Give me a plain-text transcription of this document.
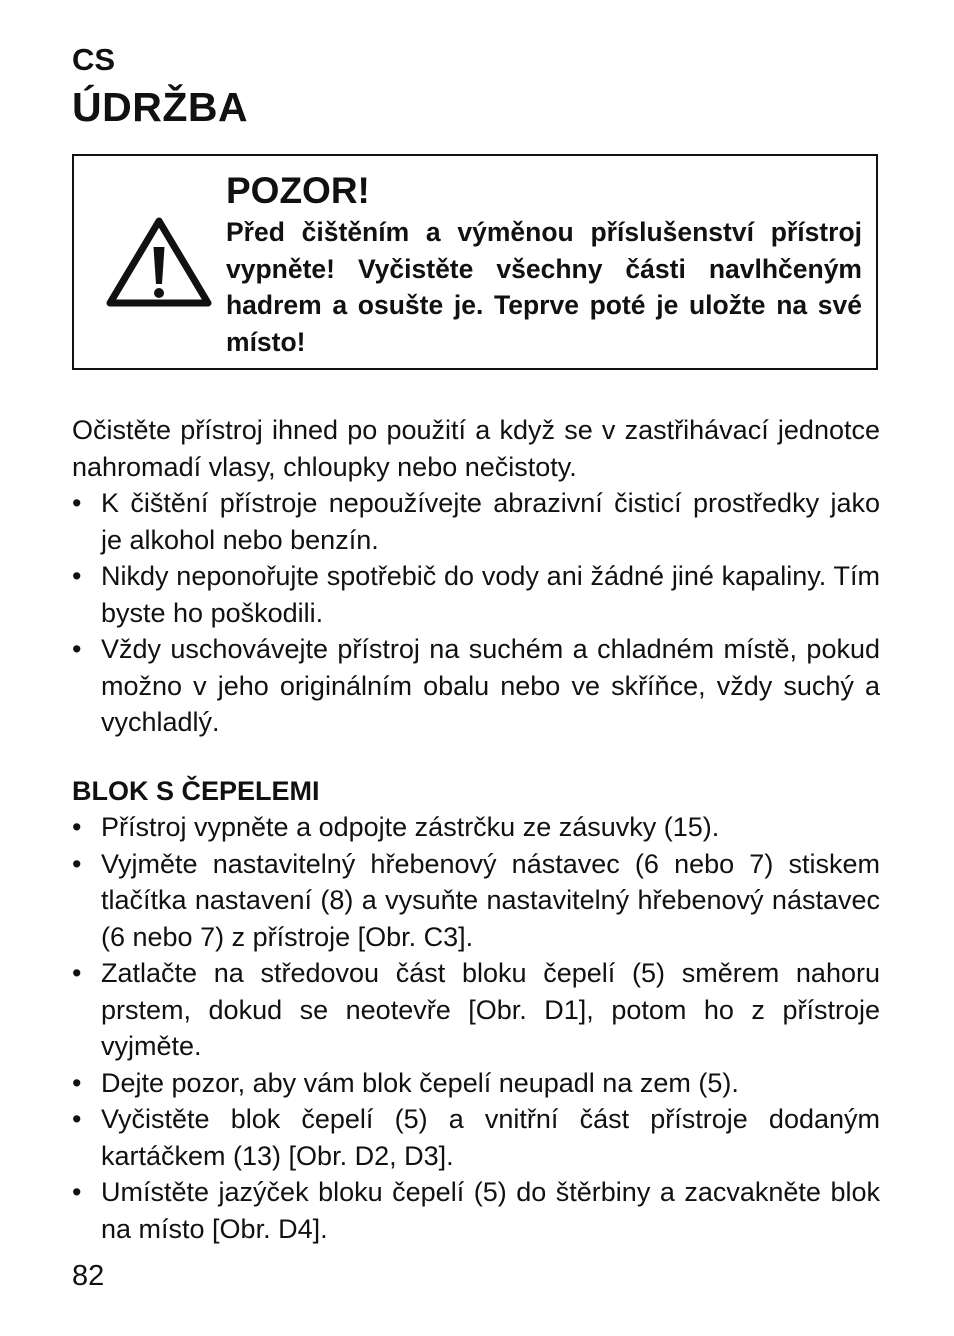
CS
ÚDRŽBA
POZOR!
Před čištěním a výměnou příslušenství přístroj vypněte! Vyčistěte všechny části navlhčeným hadrem a osušte je. Teprve poté je uložte na své místo!

Očistěte přístroj ihned po použití a když se v zastřihávací jednotce nahromadí vlasy, chloupky nebo nečistoty.

• K čištění přístroje nepoužívejte abrazivní čisticí prostředky jako je alkohol nebo benzín.
• Nikdy neponořujte spotřebič do vody ani žádné jiné kapaliny. Tím byste ho poškodili.
• Vždy uschovávejte přístroj na suchém a chladném místě, pokud možno v jeho originálním obalu nebo ve skříňce, vždy suchý a vychladlý.
BLOK S ČEPELEMI
• Přístroj vypněte a odpojte zástrčku ze zásuvky (15).
• Vyjměte nastavitelný hřebenový nástavec (6 nebo 7) stiskem tlačítka nastavení (8) a vysuňte nastavitelný hřebenový nástavec (6 nebo 7) z přístroje [Obr. C3].
• Zatlačte na středovou část bloku čepelí (5) směrem nahoru prstem, dokud se neotevře [Obr. D1], potom ho z přístroje vyjměte.
• Dejte pozor, aby vám blok čepelí neupadl na zem (5).
• Vyčistěte blok čepelí (5) a vnitřní část přístroje dodaným kartáčkem (13) [Obr. D2, D3].
• Umístěte jazýček bloku čepelí (5) do štěrbiny a zacvakněte blok na místo [Obr. D4].
82
